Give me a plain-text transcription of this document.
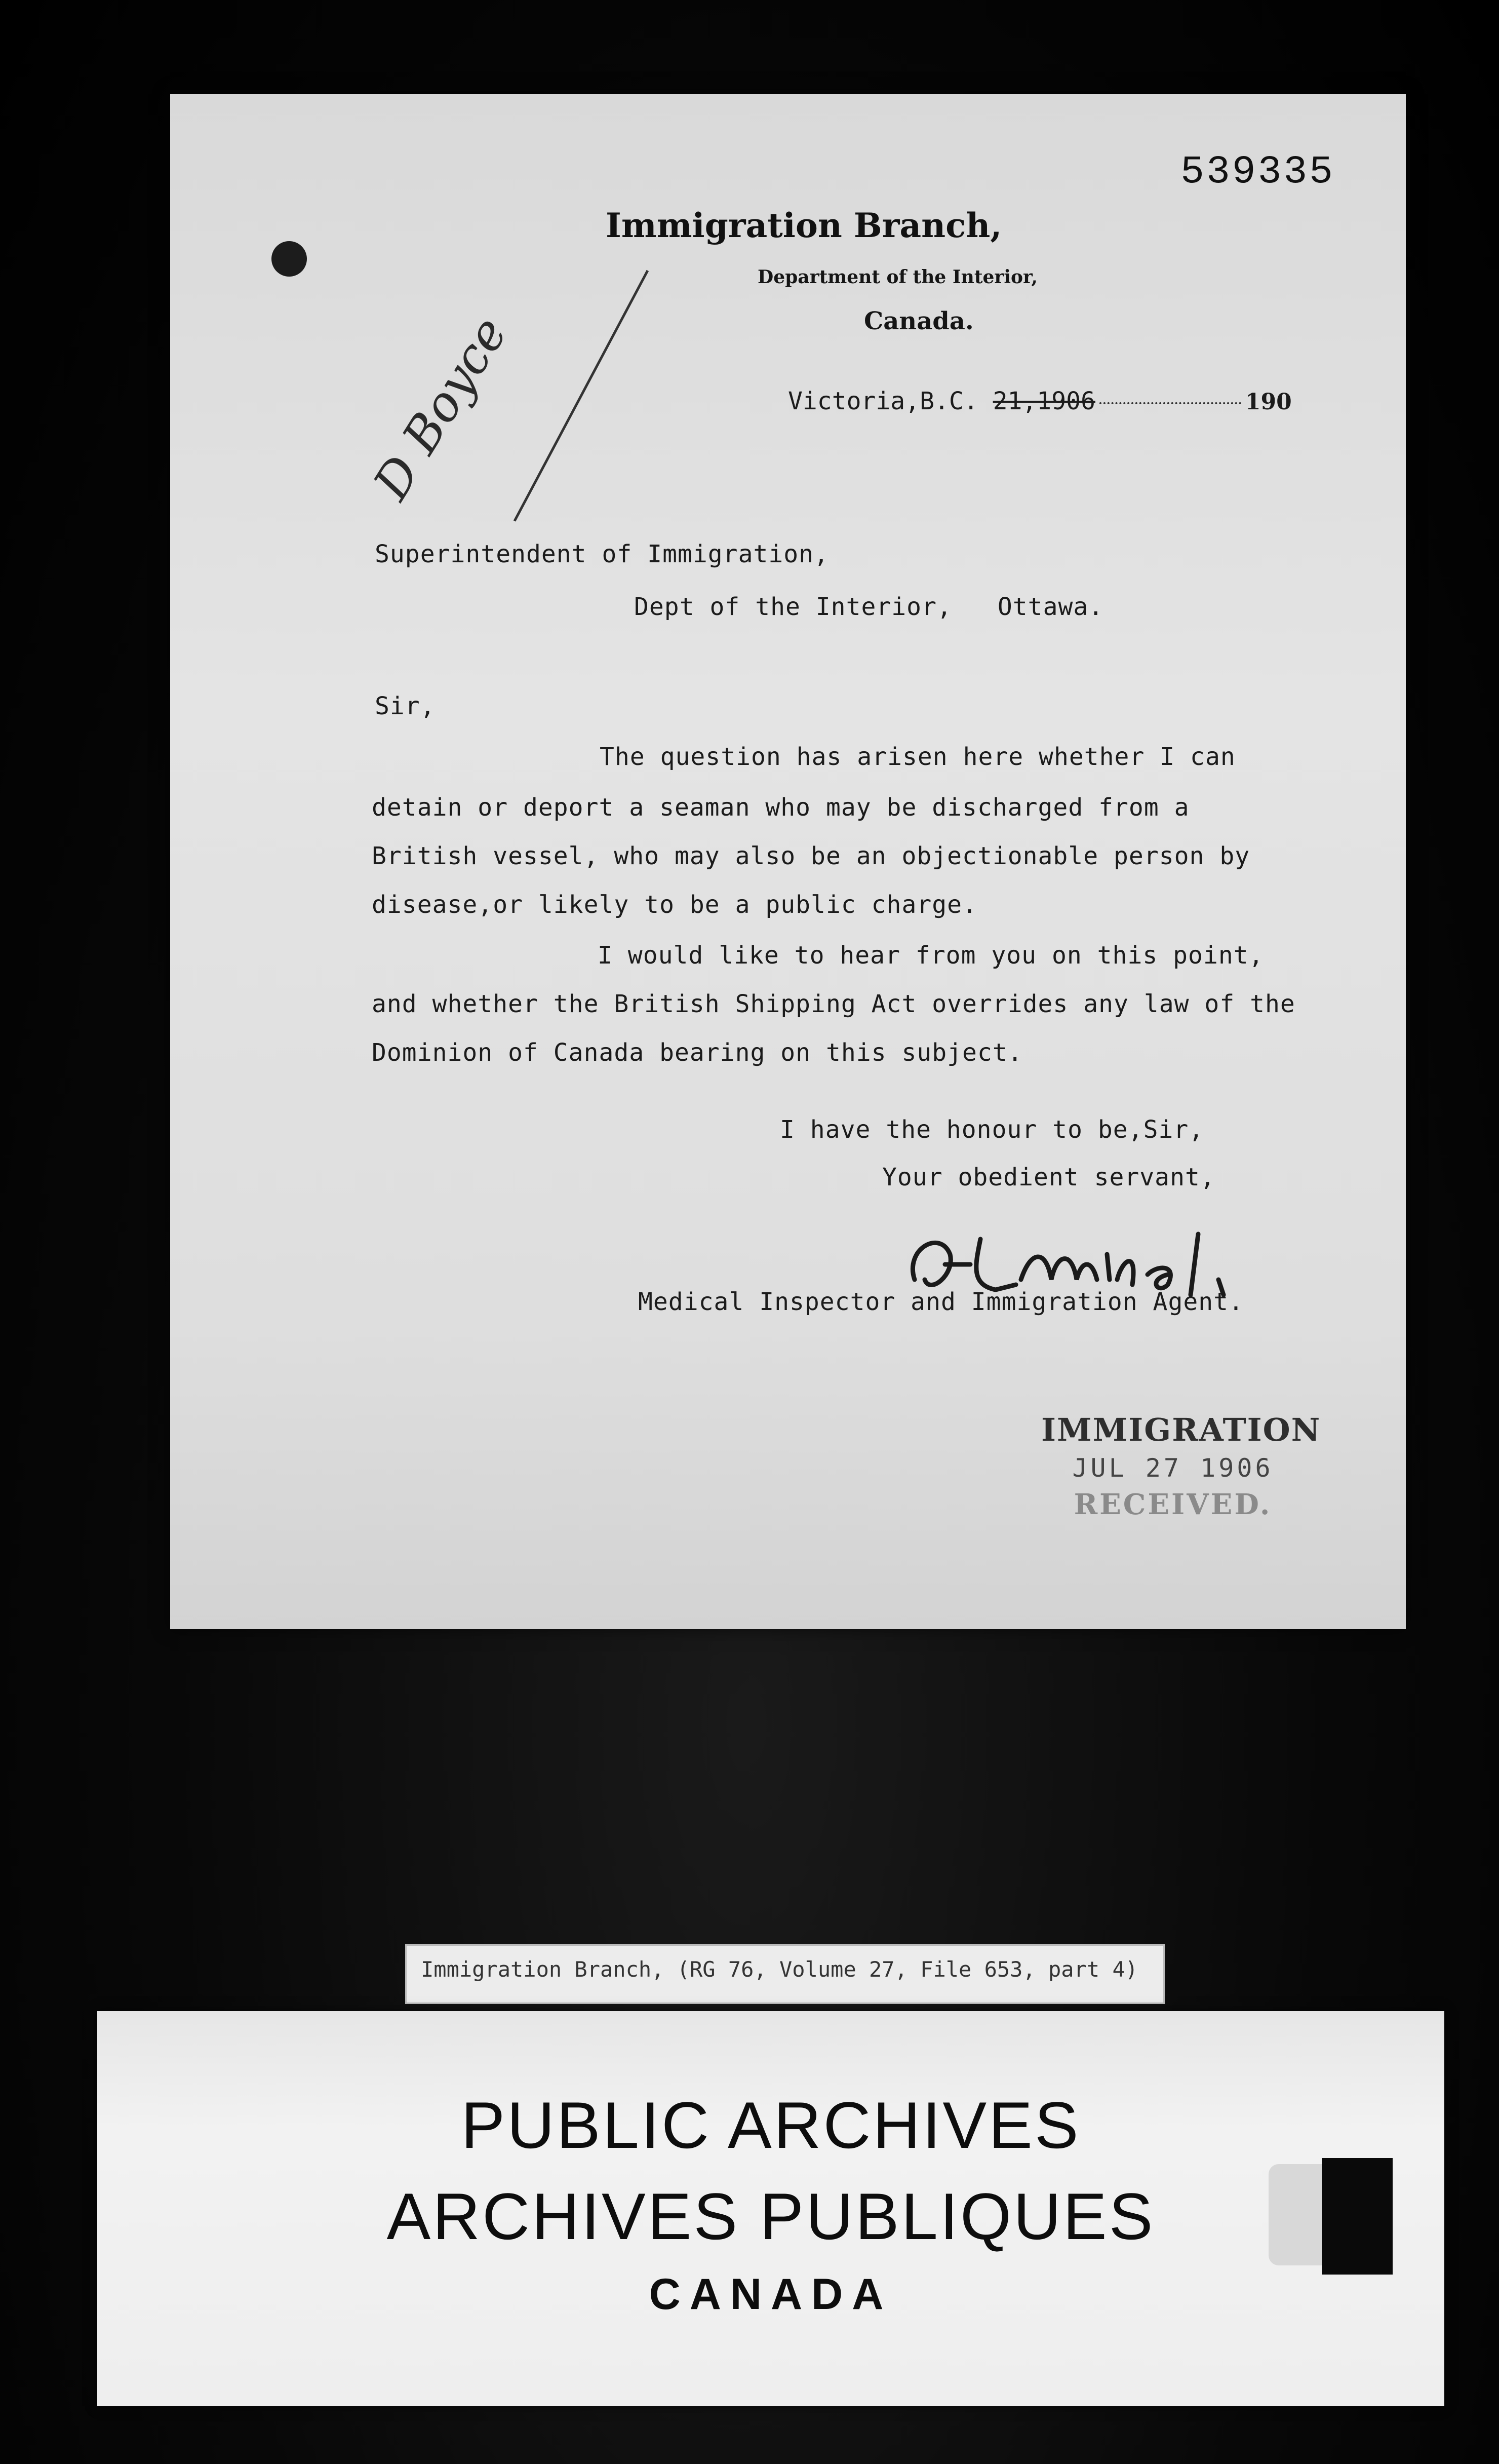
539335
Immigration Branch,
Department of the Interior,
Canada.
Victoria,B.C. 21,1906	190
D Boyce
Superintendent of Immigration,
Dept of the Interior, Ottawa.
Sir,
The question has arisen here whether I can
detain or deport a seaman who may be discharged from a
British vessel, who may also be an objectionable person by
disease,or likely to be a public charge.
I would like to hear from you on this point,
and whether the British Shipping Act overrides any law of the
Dominion of Canada bearing on this subject.
I have the honour to be,Sir,
Your obedient servant,
Medical Inspector and Immigration Agent.
IMMIGRATION
JUL 27 1906
RECEIVED.
Immigration Branch, (RG 76, Volume 27, File 653, part 4)
PUBLIC ARCHIVES
ARCHIVES PUBLIQUES
CANADA
